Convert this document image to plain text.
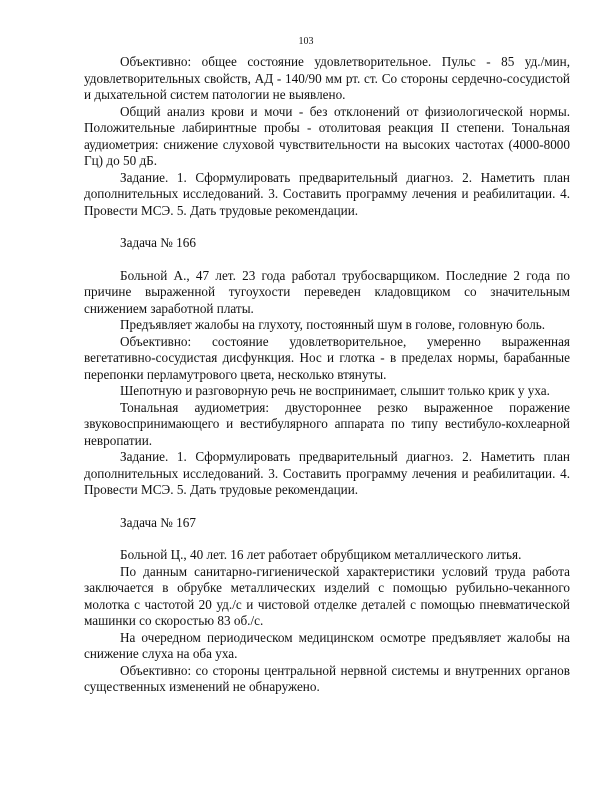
103

Объективно: общее состояние удовлетворительное. Пульс - 85 уд./мин, удовлетворительных свойств, АД - 140/90 мм рт. ст. Со стороны сердечно-сосудистой и дыхательной систем патологии не выявлено.

Общий анализ крови и мочи - без отклонений от физиологической нормы. Положительные лабиринтные пробы - отолитовая реакция II степени. Тональная аудиометрия: снижение слуховой чувствительности на высоких частотах (4000-8000 Гц) до 50 дБ.

Задание. 1. Сформулировать предварительный диагноз. 2. Наметить план дополнительных исследований. 3. Составить программу лечения и реабилитации. 4. Провести МСЭ. 5. Дать трудовые рекомендации.

Задача № 166

Больной А., 47 лет. 23 года работал трубосварщиком. Последние 2 года по причине выраженной тугоухости переведен кладовщиком со значительным снижением заработной платы.

Предъявляет жалобы на глухоту, постоянный шум в голове, головную боль.

Объективно: состояние удовлетворительное, умеренно выраженная вегетативно-сосудистая дисфункция. Нос и глотка - в пределах нормы, барабанные перепонки перламутрового цвета, несколько втянуты.

Шепотную и разговорную речь не воспринимает, слышит только крик у уха.

Тональная аудиометрия: двустороннее резко выраженное поражение звуковоспринимающего и вестибулярного аппарата по типу вестибуло-кохлеарной невропатии.

Задание. 1. Сформулировать предварительный диагноз. 2. Наметить план дополнительных исследований. 3. Составить программу лечения и реабилитации. 4. Провести МСЭ. 5. Дать трудовые рекомендации.

Задача № 167

Больной Ц., 40 лет. 16 лет работает обрубщиком металлического литья.

По данным санитарно-гигиенической характеристики условий труда работа заключается в обрубке металлических изделий с помощью рубильно-чеканного молотка с частотой 20 уд./с и чистовой отделке деталей с помощью пневматической машинки со скоростью 83 об./с.

На очередном периодическом медицинском осмотре предъявляет жалобы на снижение слуха на оба уха.

Объективно: со стороны центральной нервной системы и внутренних органов существенных изменений не обнаружено.
